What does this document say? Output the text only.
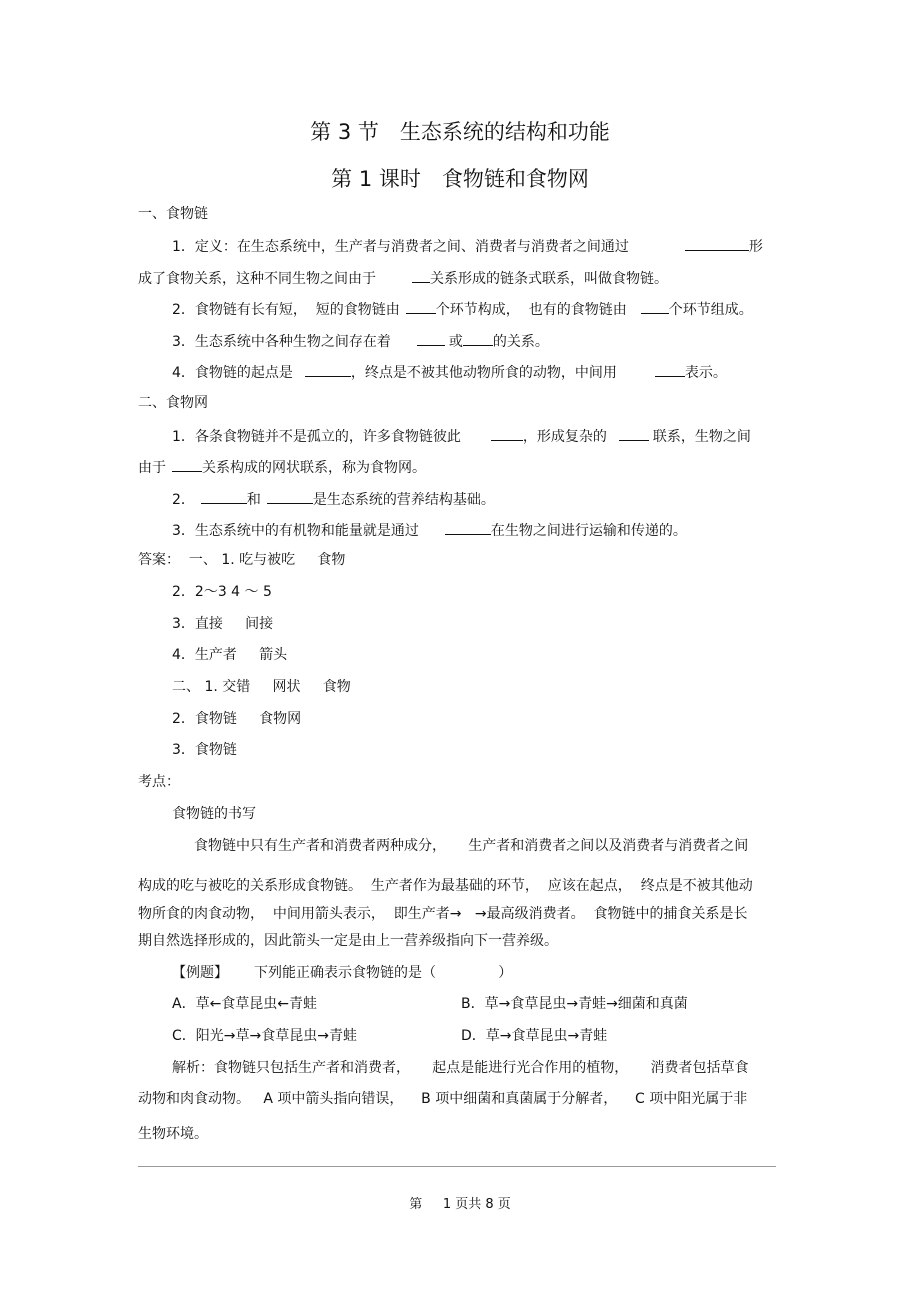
第 3 节　生态系统的结构和功能
第 1 课时　食物链和食物网
一、食物链
1．定义：在生态系统中，生产者与消费者之间、消费者与消费者之间通过	形
成了食物关系，这种不同生物之间由于	关系形成的链条式联系，叫做食物链。
2．食物链有长有短，  短的食物链由	个环节构成，  也有的食物链由	个环节组成。
3．生态系统中各种生物之间存在着	或 的关系。
4．食物链的起点是	，终点是不被其他动物所食的动物，中间用	表示。
二、食物网
1．各条食物链并不是孤立的，许多食物链彼此	，形成复杂的	联系，生物之间
由于	关系构成的网状联系，称为食物网。
2．	和	是生态系统的营养结构基础。
3．生态系统中的有机物和能量就是通过	在生物之间进行运输和传递的。
答案：  一、 1. 吃与被吃     食物
2．2～3 4 ～ 5
3．直接     间接
4．生产者     箭头
二、 1. 交错     网状     食物
2．食物链     食物网
3．食物链
考点：
食物链的书写
食物链中只有生产者和消费者两种成分，     生产者和消费者之间以及消费者与消费者之间
构成的吃与被吃的关系形成食物链。  生产者作为最基础的环节，  应该在起点，  终点是不被其他动
物所食的肉食动物，  中间用箭头表示，  即生产者→   →最高级消费者。  食物链中的捕食关系是长
期自然选择形成的，因此箭头一定是由上一营养级指向下一营养级。
【例题】 下列能正确表示食物链的是（              ）
A．草←食草昆虫←青蛙	B．草→食草昆虫→青蛙→细菌和真菌
C．阳光→草→食草昆虫→青蛙	D．草→食草昆虫→青蛙
解析：食物链只包括生产者和消费者，     起点是能进行光合作用的植物，     消费者包括草食
动物和肉食动物。   A 项中箭头指向错误，    B 项中细菌和真菌属于分解者，    C 项中阳光属于非
生物环境。
第     1 页共 8 页
